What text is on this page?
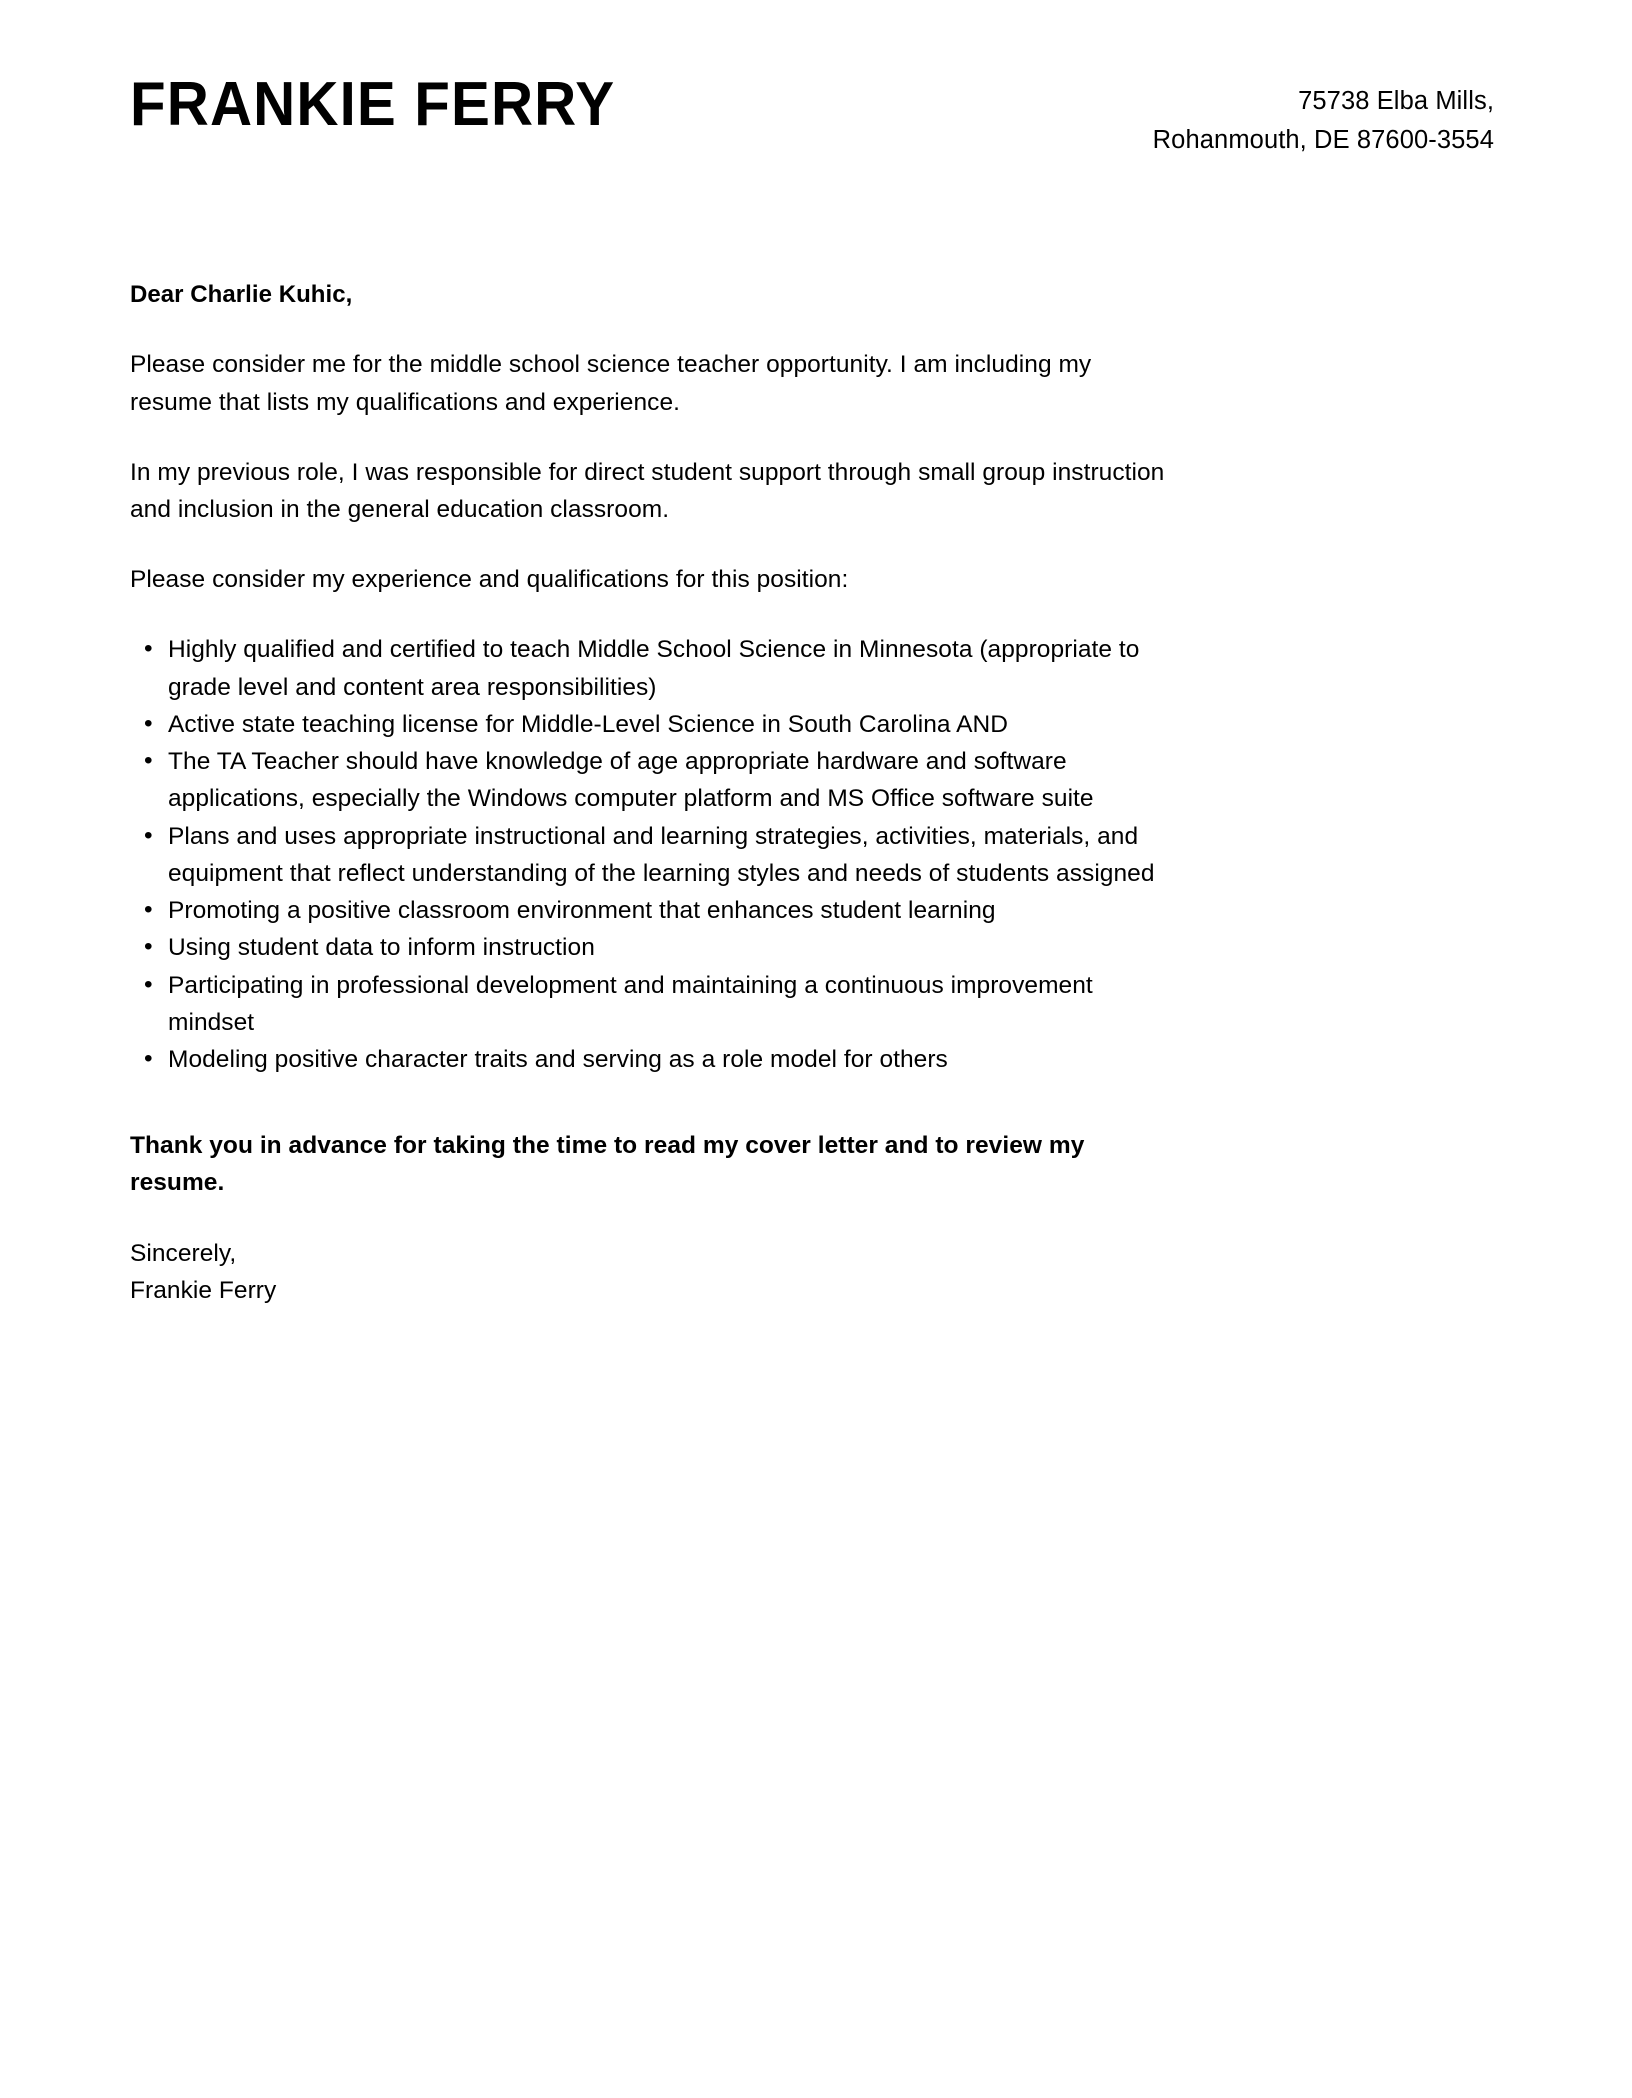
FRANKIE FERRY	75738 Elba Mills,
Rohanmouth, DE 87600-3554

Dear Charlie Kuhic,

Please consider me for the middle school science teacher opportunity. I am including my resume that lists my qualifications and experience.

In my previous role, I was responsible for direct student support through small group instruction and inclusion in the general education classroom.

Please consider my experience and qualifications for this position:

• Highly qualified and certified to teach Middle School Science in Minnesota (appropriate to grade level and content area responsibilities)
• Active state teaching license for Middle-Level Science in South Carolina AND
• The TA Teacher should have knowledge of age appropriate hardware and software applications, especially the Windows computer platform and MS Office software suite
• Plans and uses appropriate instructional and learning strategies, activities, materials, and equipment that reflect understanding of the learning styles and needs of students assigned
• Promoting a positive classroom environment that enhances student learning
• Using student data to inform instruction
• Participating in professional development and maintaining a continuous improvement mindset
• Modeling positive character traits and serving as a role model for others

Thank you in advance for taking the time to read my cover letter and to review my resume.

Sincerely,
Frankie Ferry
